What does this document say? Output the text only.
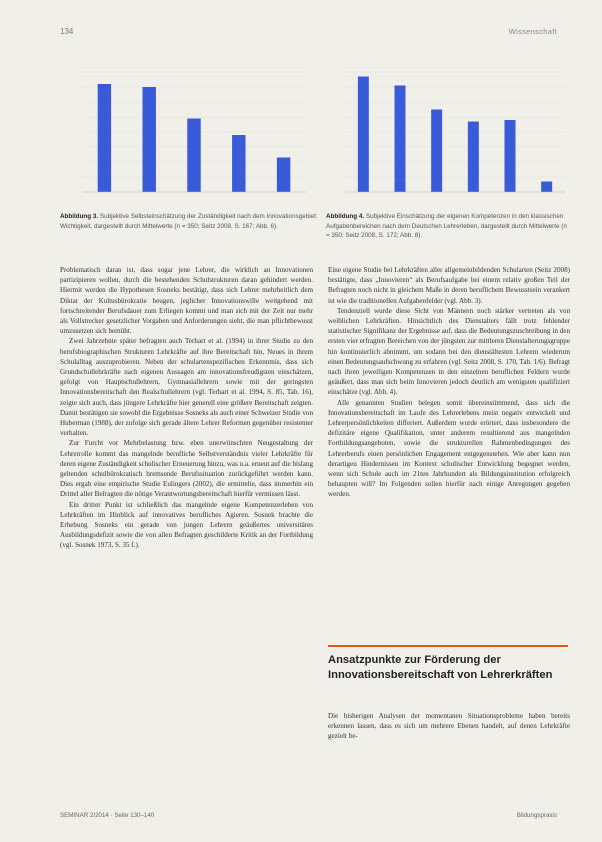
134	Wissenschaft
Abbildung 3. Subjektive Selbsteinschätzung der Zuständigkeit nach dem Innovationsgebiet: Wichtigkeit, dargestellt durch Mittelwerte (n = 350; Seitz 2008, S. 167; Abb. 6).
Abbildung 4. Subjektive Einschätzung der eigenen Kompetenzen in den klassischen Aufgabenbereichen nach dem Deutschen Lehrerleben, dargestellt durch Mittelwerte (n = 350; Seitz 2008, S. 172; Abb. 8).

Problematisch daran ist, dass sogar jene Lehrer, die wirklich an Innovationen partizipieren wollen, durch die bestehenden Schulstrukturen daran gehindert werden. Hiermit werden die Hypothesen Sosneks bestätigt, dass sich Lehrer mehrheitlich dem Diktat der Kultusbürokratie beugen, jeglicher Innovationswille weitgehend mit fortschreitender Berufsdauer zum Erliegen kommt und man sich mit der Zeit nur mehr als Vollstrecker gesetzlicher Vorgaben und Anforderungen sieht, die man pflichtbewusst umzusetzen sich bemüht.

Zwei Jahrzehnte später befragten auch Terhart et al. (1994) in ihrer Studie zu den berufsbiographischen Strukturen Lehrkräfte auf ihre Bereitschaft hin, Neues in ihrem Schulalltag auszuprobieren. Neben der schulartenspezifischen Erkenntnis, dass sich Grundschullehrkräfte nach eigenen Aussagen am innovationsfreudigsten einschätzen, gefolgt von Hauptschullehrern, Gymnasiallehrern sowie mit der geringsten Innovationsbereitschaft den Realschullehrern (vgl. Terhart et al. 1994, S. 85, Tab. 16), zeigte sich auch, dass jüngere Lehrkräfte hier generell eine größere Bereitschaft zeigten. Damit bestätigen sie sowohl die Ergebnisse Sosneks als auch einer Schweizer Studie von Huberman (1988), der zufolge sich gerade ältere Lehrer Reformen gegenüber resistenter verhalten.

Zur Furcht vor Mehrbelastung bzw. eben unerwünschten Neugestaltung der Lehrerrolle kommt das mangelnde berufliche Selbstverständnis vieler Lehrkräfte für deren eigene Zuständigkeit schulischer Erneuerung hinzu, was u.a. erneut auf die bislang geltenden schulbürokratisch bremsende Berufssituation zurückgeführt werden kann. Dies ergab eine empirische Studie Eulingers (2002), die ermittelte, dass immerhin ein Drittel aller Befragten die nötige Verantwortungsbereitschaft hierfür vermissen lässt.

Ein dritter Punkt ist schließlich das mangelnde eigene Kompetenzerleben von Lehrkräften im Hinblick auf innovatives berufliches Agieren. Sosnek brachte die Erhebung Sosneks ein gerade von jungen Lehrern geäußertes universitäres Ausbildungsdefizit sowie die von allen Befragten geschilderte Kritik an der Fortbildung (vgl. Sosnek 1973, S. 35 f.).

Eine eigene Studie bei Lehrkräften aller allgemeinbildenden Schularten (Seitz 2008) bestätigte, dass „Innovieren“ als Berufsaufgabe bei einem relativ großen Teil der Befragten noch nicht in gleichem Maße in deren beruflichem Bewusstsein verankert ist wie die traditionellen Aufgabenfelder (vgl. Abb. 3).

Tendenziell wurde diese Sicht von Männern noch stärker vertreten als von weiblichen Lehrkräften. Hinsichtlich des Dienstalters fällt trotz fehlender statistischer Signifikanz der Ergebnisse auf, dass die Bedeutungszuschreibung in den ersten vier erfragten Bereichen von der jüngsten zur mittleren Dienstalterungsgruppe hin kontinuierlich abnimmt, um sodann bei den dienstältesten Lehrern wiederum einen Bedeutungsaufschwung zu erfahren (vgl. Seitz 2008, S. 170, Tab. 1/6). Befragt nach ihren jeweiligen Kompetenzen in den einzelnen beruflichen Feldern wurde geäußert, dass man sich beim Innovieren jedoch deutlich am wenigsten qualifiziert einschätze (vgl. Abb. 4).

Alle genannten Studien belegen somit übereinstimmend, dass sich die Innovationsbereitschaft im Laufe des Lehrerlebens meist negativ entwickelt und Lehrerpersönlichkeiten differiert. Außerdem wurde erörtert, dass insbesondere die defizitäre eigene Qualifikation, unter anderem resultierend aus mangelnden Fortbildungsangeboten, sowie die strukturellen Rahmenbedingungen des Lehrerberufs einen persönlichen Engagement entgegenstehen. Wie aber kann nun derartigen Hindernissen im Kontext schulischer Entwicklung begegnet werden, wenn sich Schule auch im 21ten Jahrhundert als Bildungsinstitution erfolgreich behaupten will? Im Folgenden sollen hierfür nach einige Anregungen gegeben werden.

Ansatzpunkte zur Förderung der Innovationsbereitschaft von Lehrerkräften

Die bisherigen Analysen der momentanen Situationsprobleme haben bereits erkennen lassen, dass es sich um mehrere Ebenen handelt, auf denen Lehrkräfte gezielt be-

SEMINAR 2/2014 · Seite 130–140	Bildungspraxis
